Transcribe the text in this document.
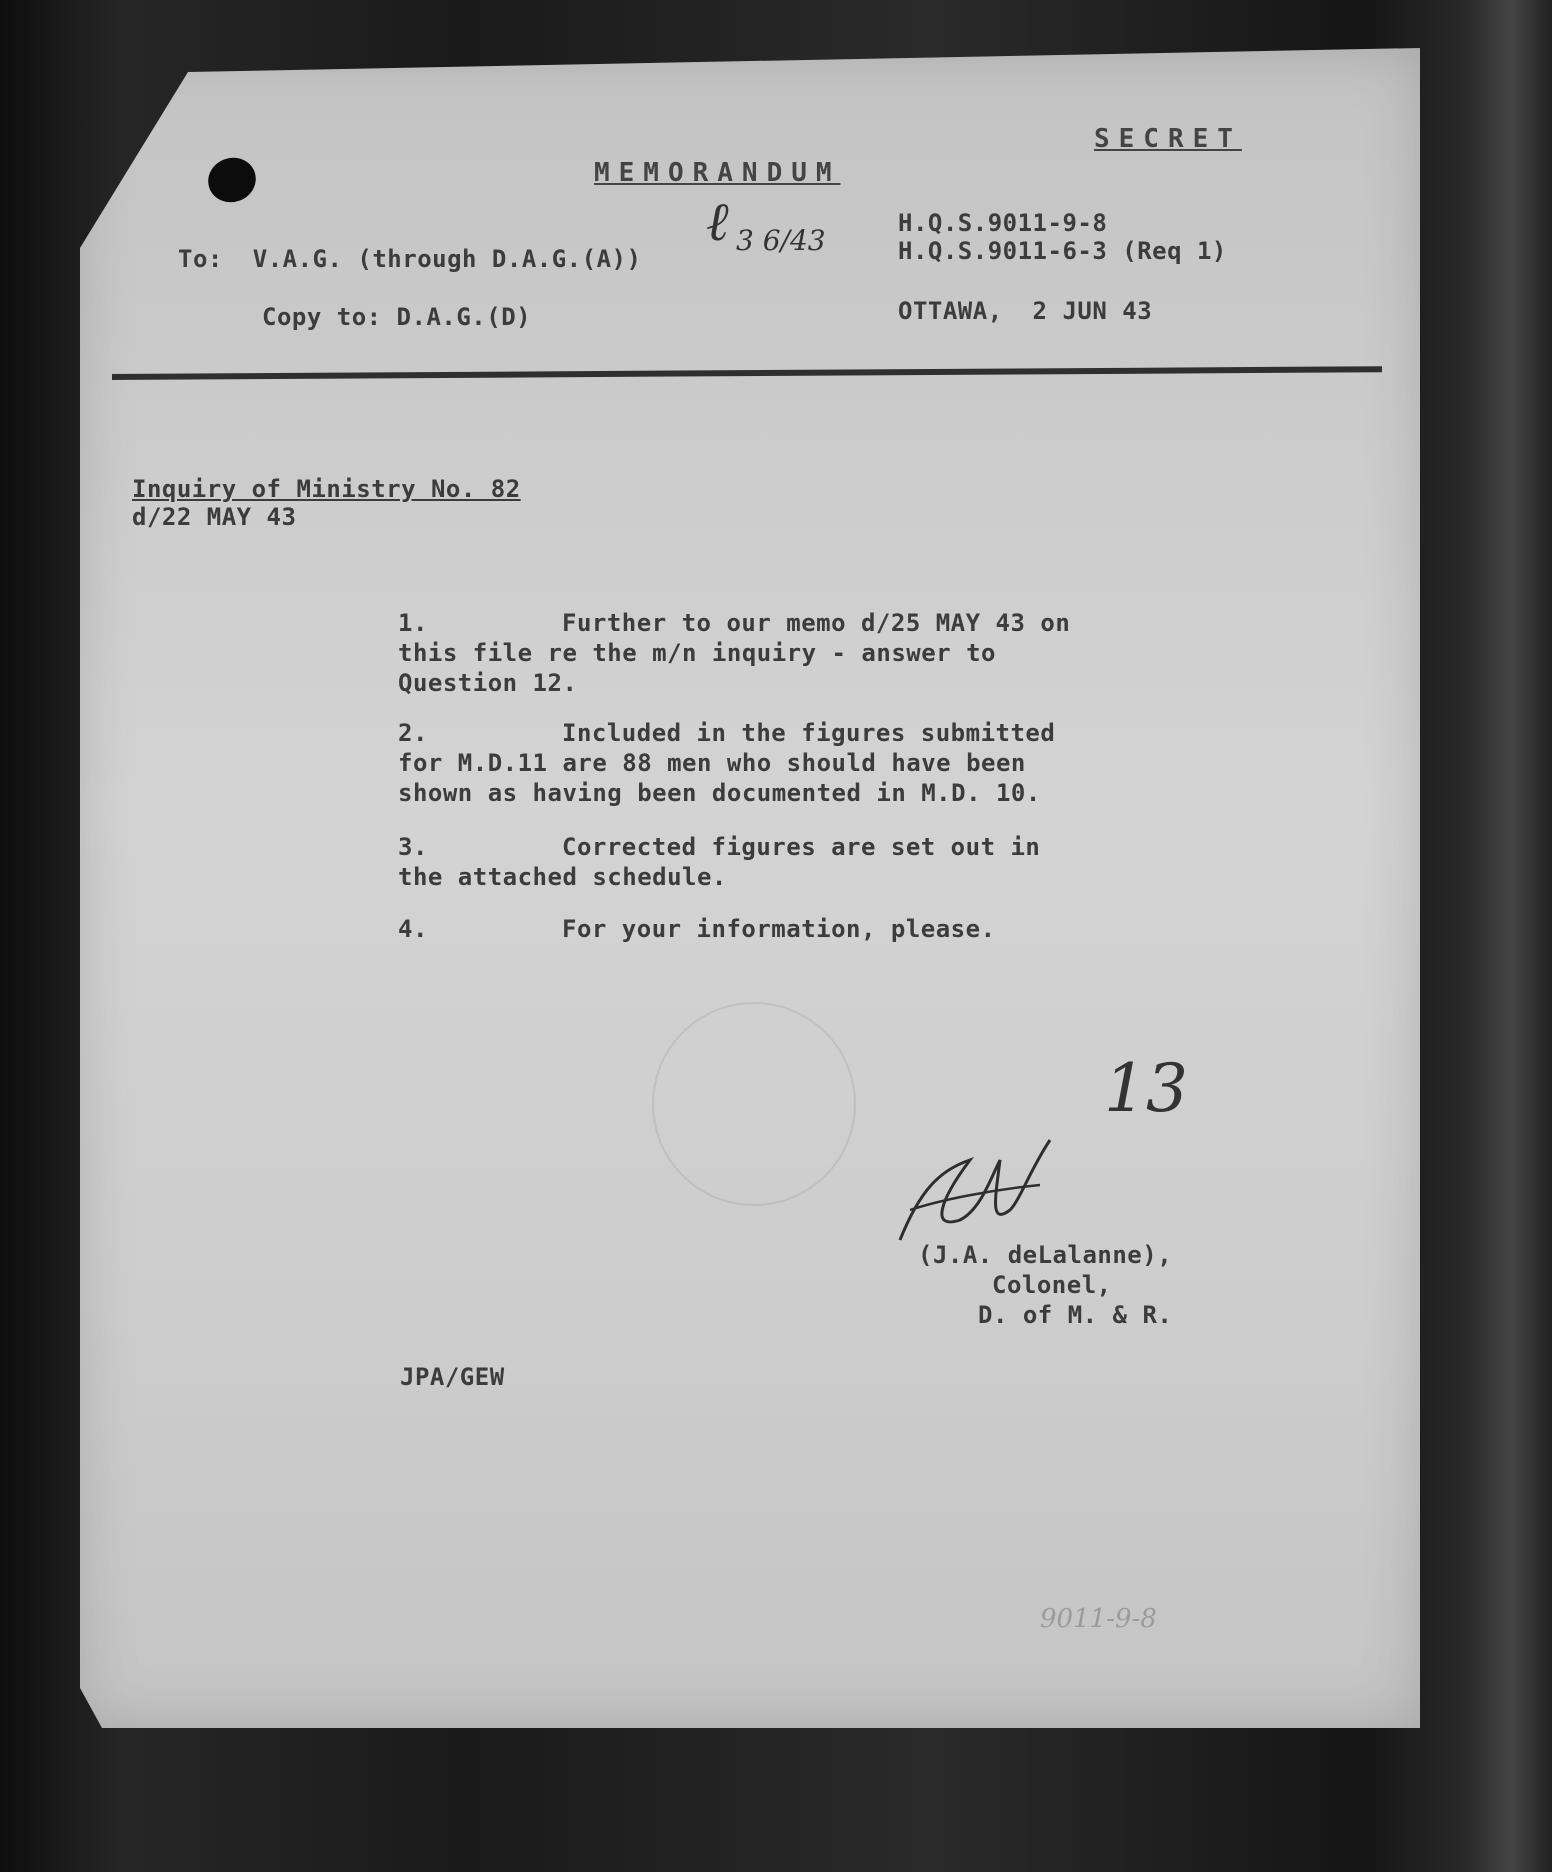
SECRET
MEMORANDUM
To:  V.A.G. (through D.A.G.(A))
ℓ 3 6/43
H.Q.S.9011-9-8
H.Q.S.9011-6-3 (Req 1)
OTTAWA,  2 JUN 43
Copy to: D.A.G.(D)
Inquiry of Ministry No. 82
d/22 MAY 43
1.	Further to our memo d/25 MAY 43 on
this file re the m/n inquiry - answer to
Question 12.
2.	Included in the figures submitted
for M.D.11 are 88 men who should have been
shown as having been documented in M.D. 10.
3.	Corrected figures are set out in
the attached schedule.
4.	For your information, please.
13
(J.A. deLalanne),
Colonel,
D. of M. & R.
JPA/GEW
9011-9-8
